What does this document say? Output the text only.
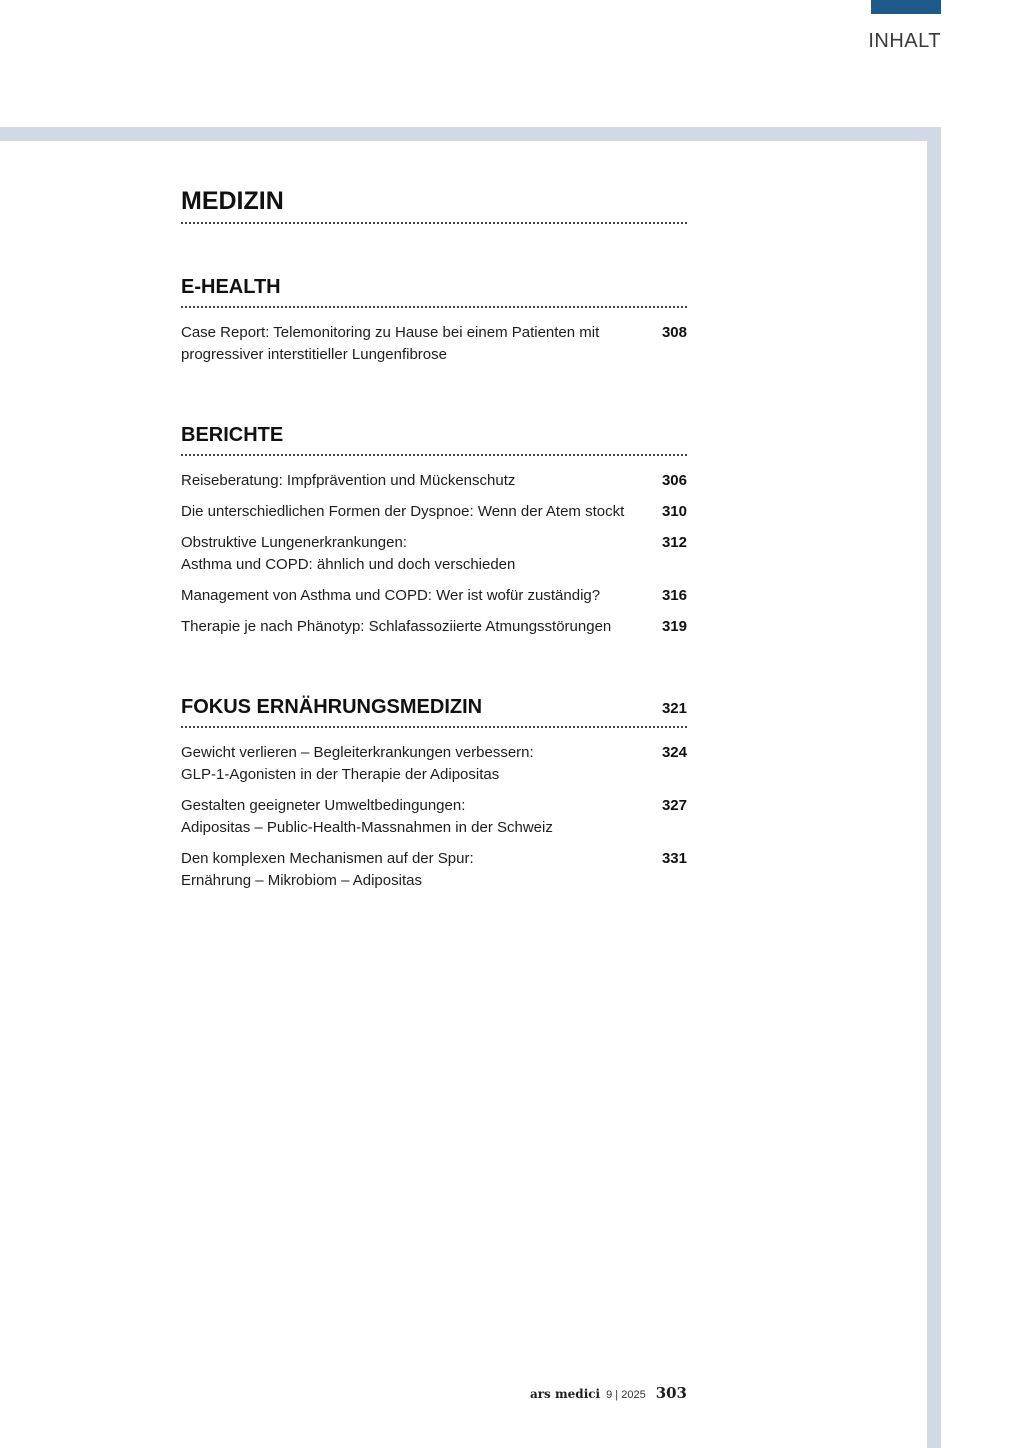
INHALT
MEDIZIN
E-HEALTH
Case Report: Telemonitoring zu Hause bei einem Patienten mit
progressiver interstitieller Lungenfibrose
308
BERICHTE
Reiseberatung: Impfprävention und Mückenschutz	306
Die unterschiedlichen Formen der Dyspnoe: Wenn der Atem stockt	310
Obstruktive Lungenerkrankungen:
Asthma und COPD: ähnlich und doch verschieden
312
Management von Asthma und COPD: Wer ist wofür zuständig?	316
Therapie je nach Phänotyp: Schlafassoziierte Atmungsstörungen	319
FOKUS ERNÄHRUNGSMEDIZIN	321
Gewicht verlieren – Begleiterkrankungen verbessern:
GLP-1-Agonisten in der Therapie der Adipositas
324
Gestalten geeigneter Umweltbedingungen:
Adipositas – Public-Health-Massnahmen in der Schweiz
327
Den komplexen Mechanismen auf der Spur:
Ernährung – Mikrobiom – Adipositas
331
ars medici 9 | 2025 303
